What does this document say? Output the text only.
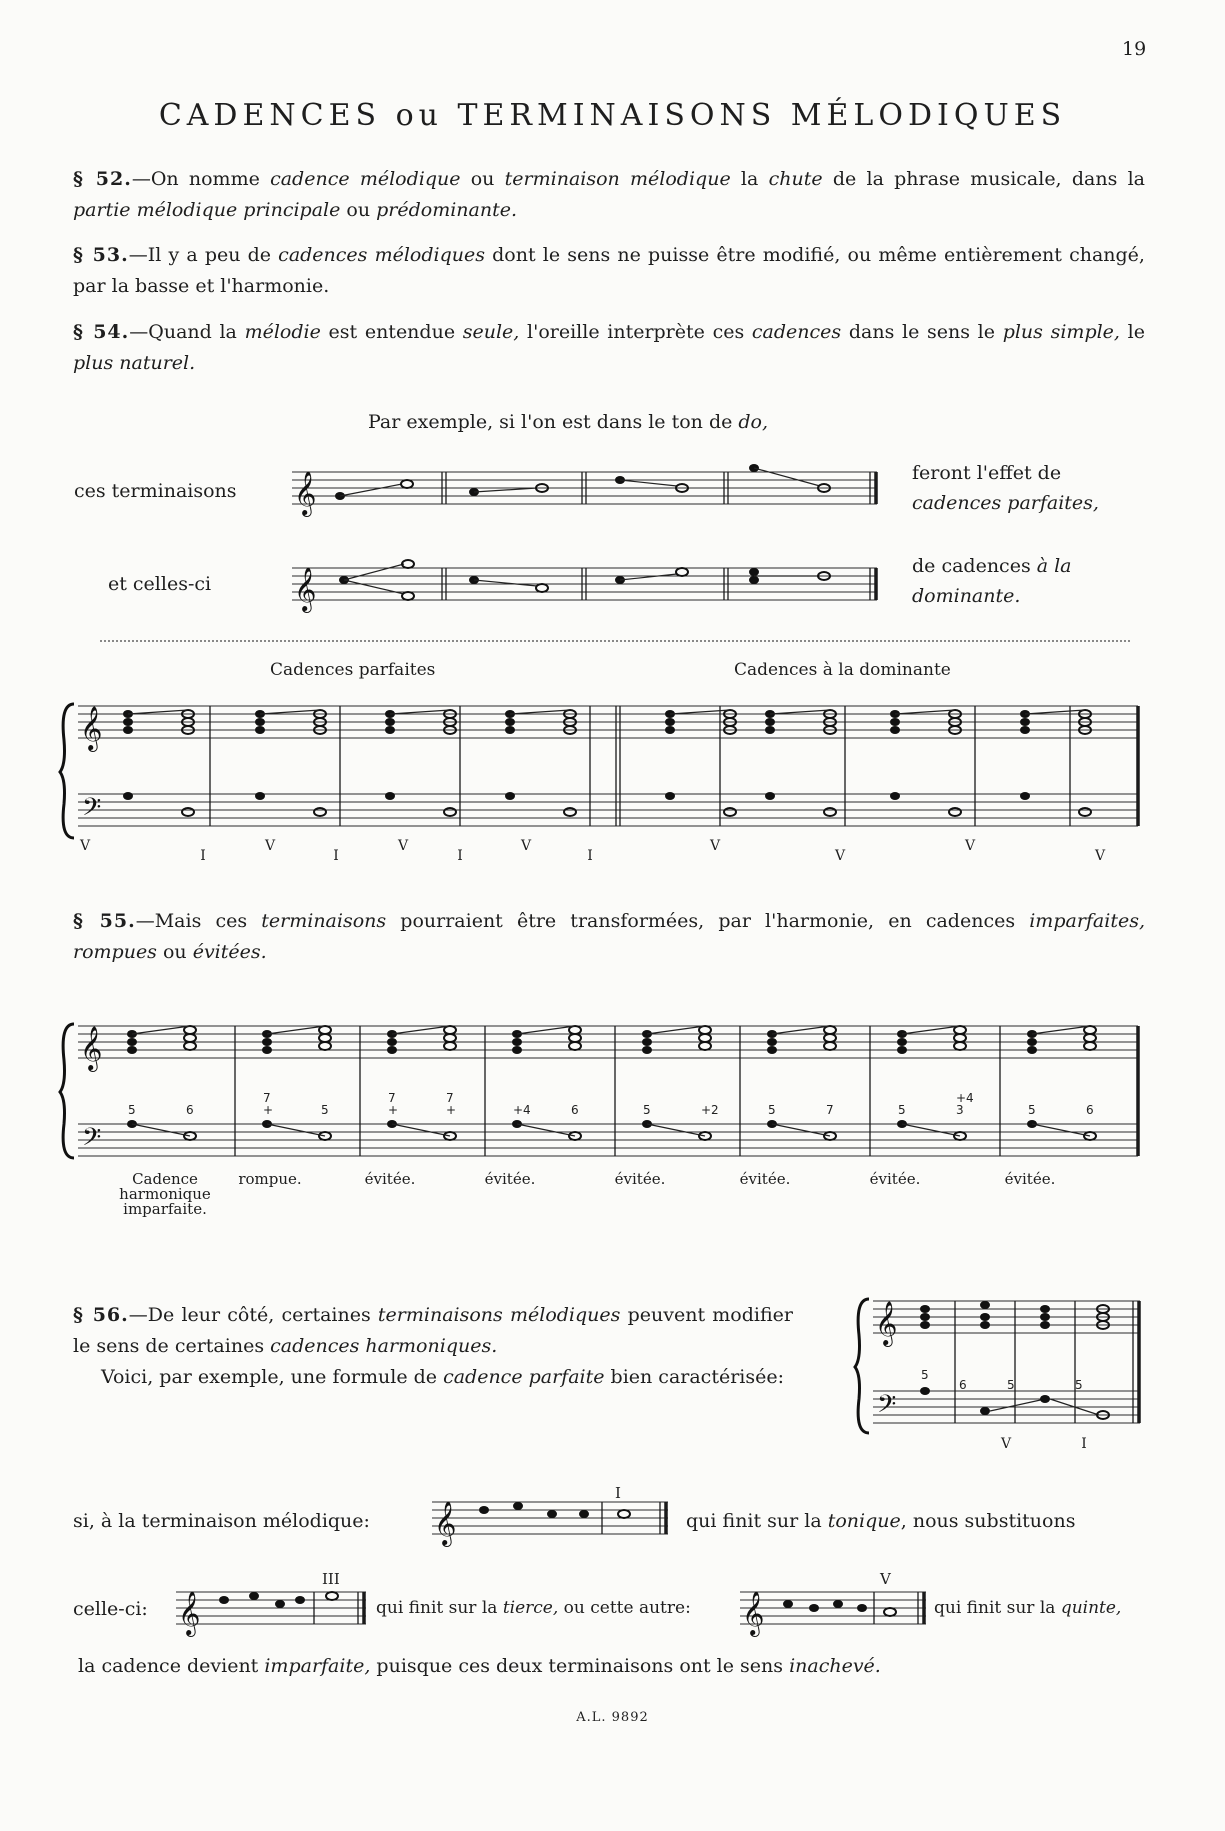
19
CADENCES ou TERMINAISONS MÉLODIQUES
§ 52.—On nomme cadence mélodique ou terminaison mélodique la chute de la phrase musicale, dans la partie mélodique principale ou prédominante.
§ 53.—Il y a peu de cadences mélodiques dont le sens ne puisse être modifié, ou même entièrement changé, par la basse et l'harmonie.
§ 54.—Quand la mélodie est entendue seule, l'oreille interprète ces cadences dans le sens le plus simple, le plus naturel.
Par exemple, si l'on est dans le ton de do,
ces terminaisons 𝄞	feront l'effet de
cadences parfaites,
et celles-ci 𝄞
de cadences à la
dominante.
Cadences parfaites	Cadences à la dominante
𝄞
𝄢
V
I
V
I
V
I
V
I
V
V
V
V
§ 55.—Mais ces terminaisons pourraient être transformées, par l'harmonie, en cadences imparfaites, rompues ou évitées.
𝄞
𝄢
5	6
7
+	5
7
+
7
+	+4	6	5	+2	5	7	5
+4
3	5	6
Cadence
harmonique
imparfaite.
rompue.	évitée.	évitée.	évitée.	évitée.	évitée.	évitée.
§ 56.—De leur côté, certaines terminaisons mélodiques peuvent modifier le sens de certaines cadences harmoniques.
Voici, par exemple, une formule de cadence parfaite bien caractérisée:
𝄞
𝄢
5
6	5	5
V	I
si, à la terminaison mélodique:
I
𝄞	qui finit sur la tonique, nous substituons
celle-ci:
III
𝄞	qui finit sur la tierce, ou cette autre:
V
𝄞	qui finit sur la quinte,
la cadence devient imparfaite, puisque ces deux terminaisons ont le sens inachevé.
A.L. 9892
